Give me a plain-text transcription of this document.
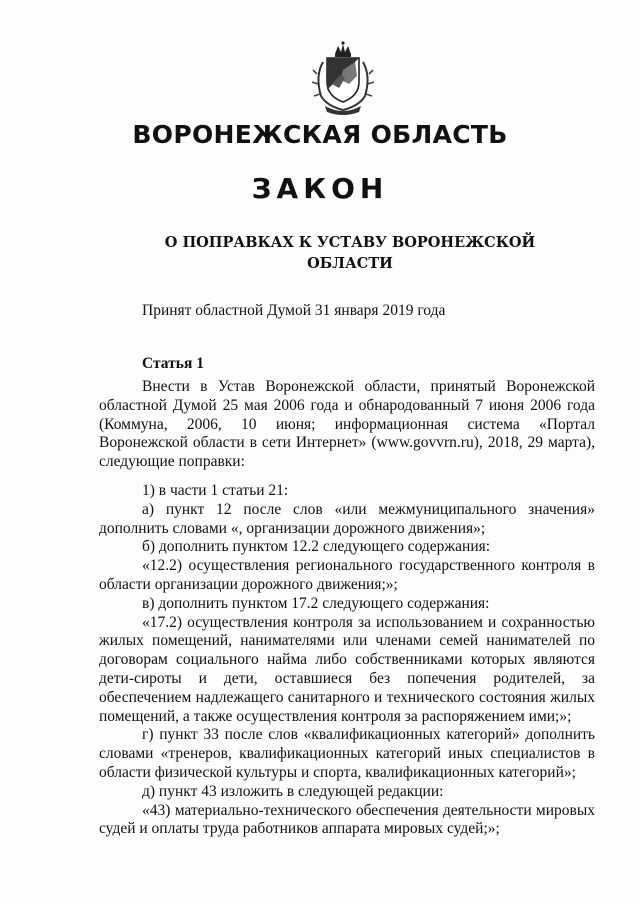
ВОРОНЕЖСКАЯ ОБЛАСТЬ
ЗАКОН
О ПОПРАВКАХ К УСТАВУ ВОРОНЕЖСКОЙ
ОБЛАСТИ
Принят областной Думой 31 января 2019 года
Статья 1

Внести в Устав Воронежской области, принятый Воронежской областной Думой 25 мая 2006 года и обнародованный 7 июня 2006 года (Коммуна, 2006, 10 июня; информационная система «Портал Воронежской области в сети Интернет» (www.govvrn.ru), 2018, 29 марта), следующие поправки:

1) в части 1 статьи 21:

а) пункт 12 после слов «или межмуниципального значения» дополнить словами «, организации дорожного движения»;

б) дополнить пунктом 12.2 следующего содержания:

«12.2) осуществления регионального государственного контроля в области организации дорожного движения;»;

в) дополнить пунктом 17.2 следующего содержания:

«17.2) осуществления контроля за использованием и сохранностью жилых помещений, нанимателями или членами семей нанимателей по договорам социального найма либо собственниками которых являются дети-сироты и дети, оставшиеся без попечения родителей, за обеспечением надлежащего санитарного и технического состояния жилых помещений, а также осуществления контроля за распоряжением ими;»;

г) пункт 33 после слов «квалификационных категорий» дополнить словами «тренеров, квалификационных категорий иных специалистов в области физической культуры и спорта, квалификационных категорий»;

д) пункт 43 изложить в следующей редакции:

«43) материально-технического обеспечения деятельности мировых судей и оплаты труда работников аппарата мировых судей;»;
